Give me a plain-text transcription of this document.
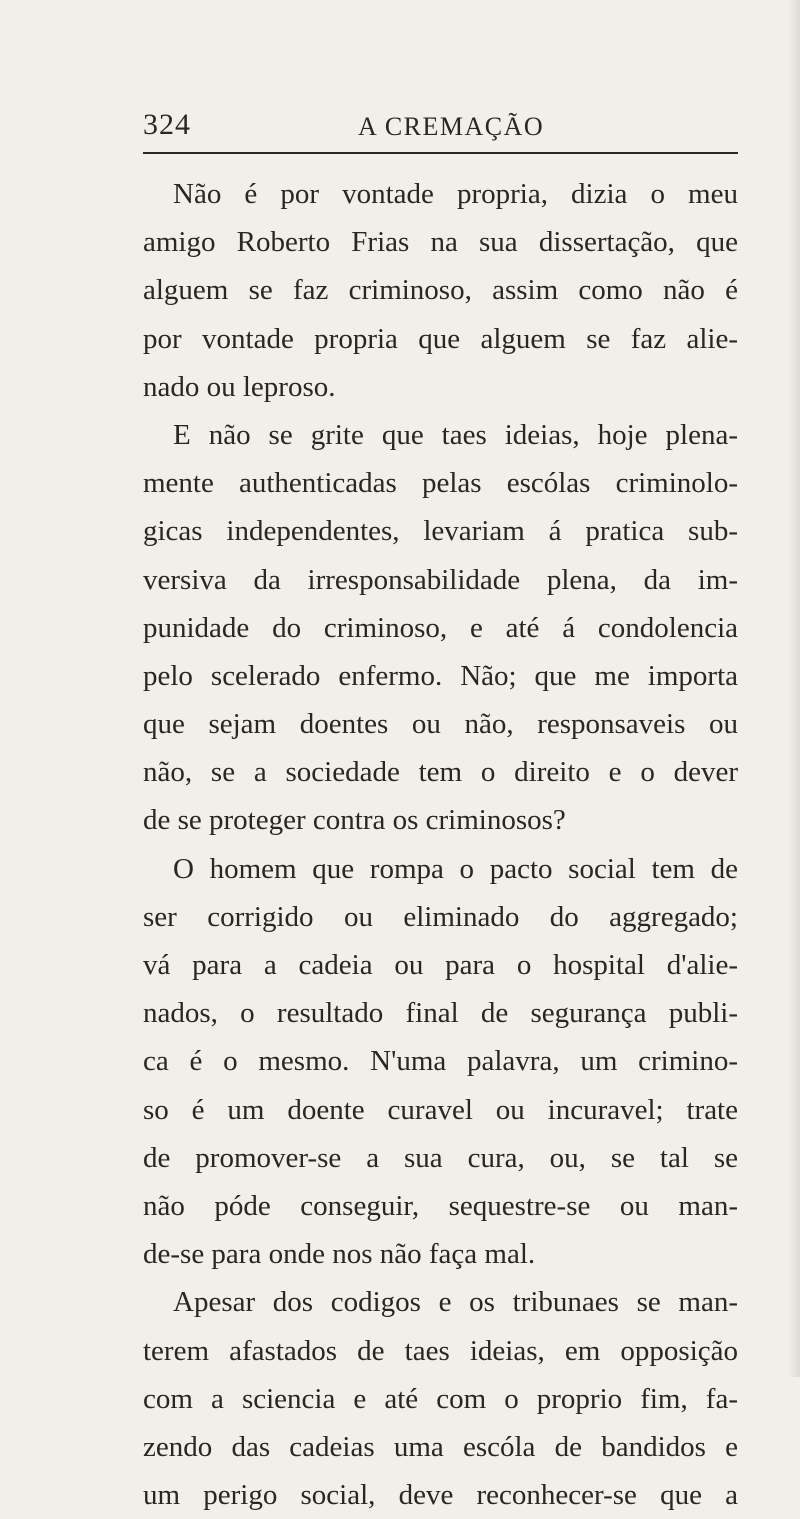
324	A CREMAÇÃO
Não é por vontade propria, dizia o meu
amigo Roberto Frias na sua dissertação, que
alguem se faz criminoso, assim como não é
por vontade propria que alguem se faz alie-
nado ou leproso.
E não se grite que taes ideias, hoje plena-
mente authenticadas pelas escólas criminolo-
gicas independentes, levariam á pratica sub-
versiva da irresponsabilidade plena, da im-
punidade do criminoso, e até á condolencia
pelo scelerado enfermo. Não; que me importa
que sejam doentes ou não, responsaveis ou
não, se a sociedade tem o direito e o dever
de se proteger contra os criminosos?
O homem que rompa o pacto social tem de
ser corrigido ou eliminado do aggregado;
vá para a cadeia ou para o hospital d'alie-
nados, o resultado final de segurança publi-
ca é o mesmo. N'uma palavra, um crimino-
so é um doente curavel ou incuravel; trate
de promover-se a sua cura, ou, se tal se
não póde conseguir, sequestre-se ou man-
de-se para onde nos não faça mal.
Apesar dos codigos e os tribunaes se man-
terem afastados de taes ideias, em opposição
com a sciencia e até com o proprio fim, fa-
zendo das cadeias uma escóla de bandidos e
um perigo social, deve reconhecer-se que a
